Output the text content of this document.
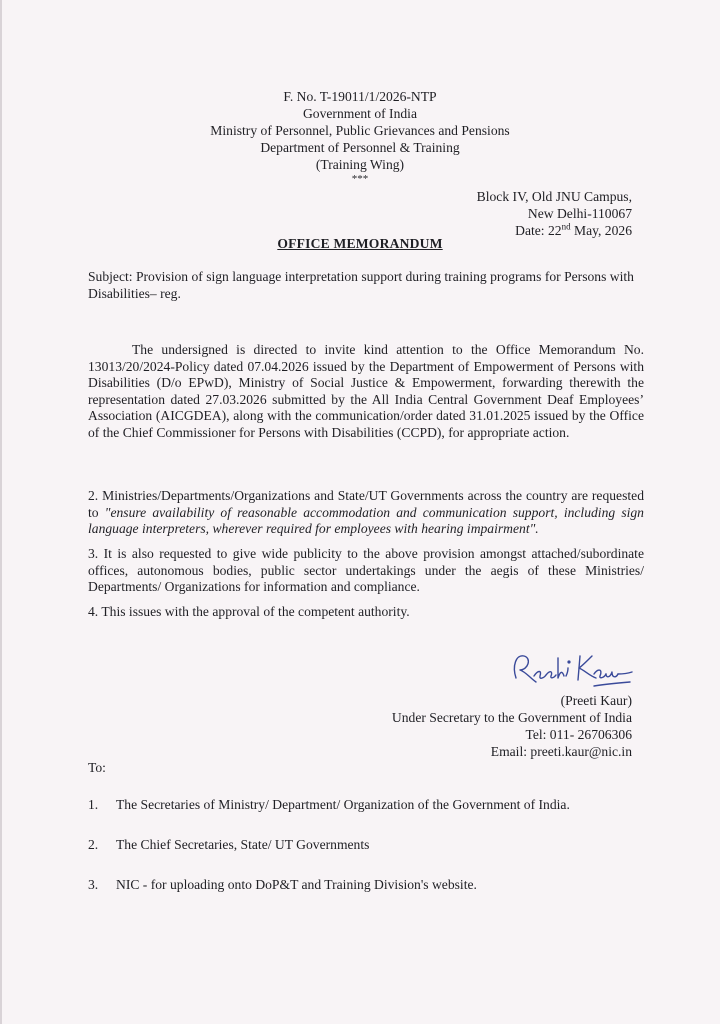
F. No. T-19011/1/2026-NTP
Government of India
Ministry of Personnel, Public Grievances and Pensions
Department of Personnel & Training
(Training Wing)
***
Block IV, Old JNU Campus,
New Delhi-110067
Date: 22nd May, 2026
OFFICE MEMORANDUM
Subject: Provision of sign language interpretation support during training programs for Persons with Disabilities– reg.
The undersigned is directed to invite kind attention to the Office Memorandum No. 13013/20/2024-Policy dated 07.04.2026 issued by the Department of Empowerment of Persons with Disabilities (D/o EPwD), Ministry of Social Justice & Empowerment, forwarding therewith the representation dated 27.03.2026 submitted by the All India Central Government Deaf Employees’ Association (AICGDEA), along with the communication/order dated 31.01.2025 issued by the Office of the Chief Commissioner for Persons with Disabilities (CCPD), for appropriate action.
2. Ministries/Departments/Organizations and State/UT Governments across the country are requested to "ensure availability of reasonable accommodation and communication support, including sign language interpreters, wherever required for employees with hearing impairment".
3. It is also requested to give wide publicity to the above provision amongst attached/subordinate offices, autonomous bodies, public sector undertakings under the aegis of these Ministries/ Departments/ Organizations for information and compliance.
4. This issues with the approval of the competent authority.
(Preeti Kaur)
Under Secretary to the Government of India
Tel: 011- 26706306
Email: preeti.kaur@nic.in
To:
1. The Secretaries of Ministry/ Department/ Organization of the Government of India.
2. The Chief Secretaries, State/ UT Governments
3. NIC - for uploading onto DoP&T and Training Division's website.
